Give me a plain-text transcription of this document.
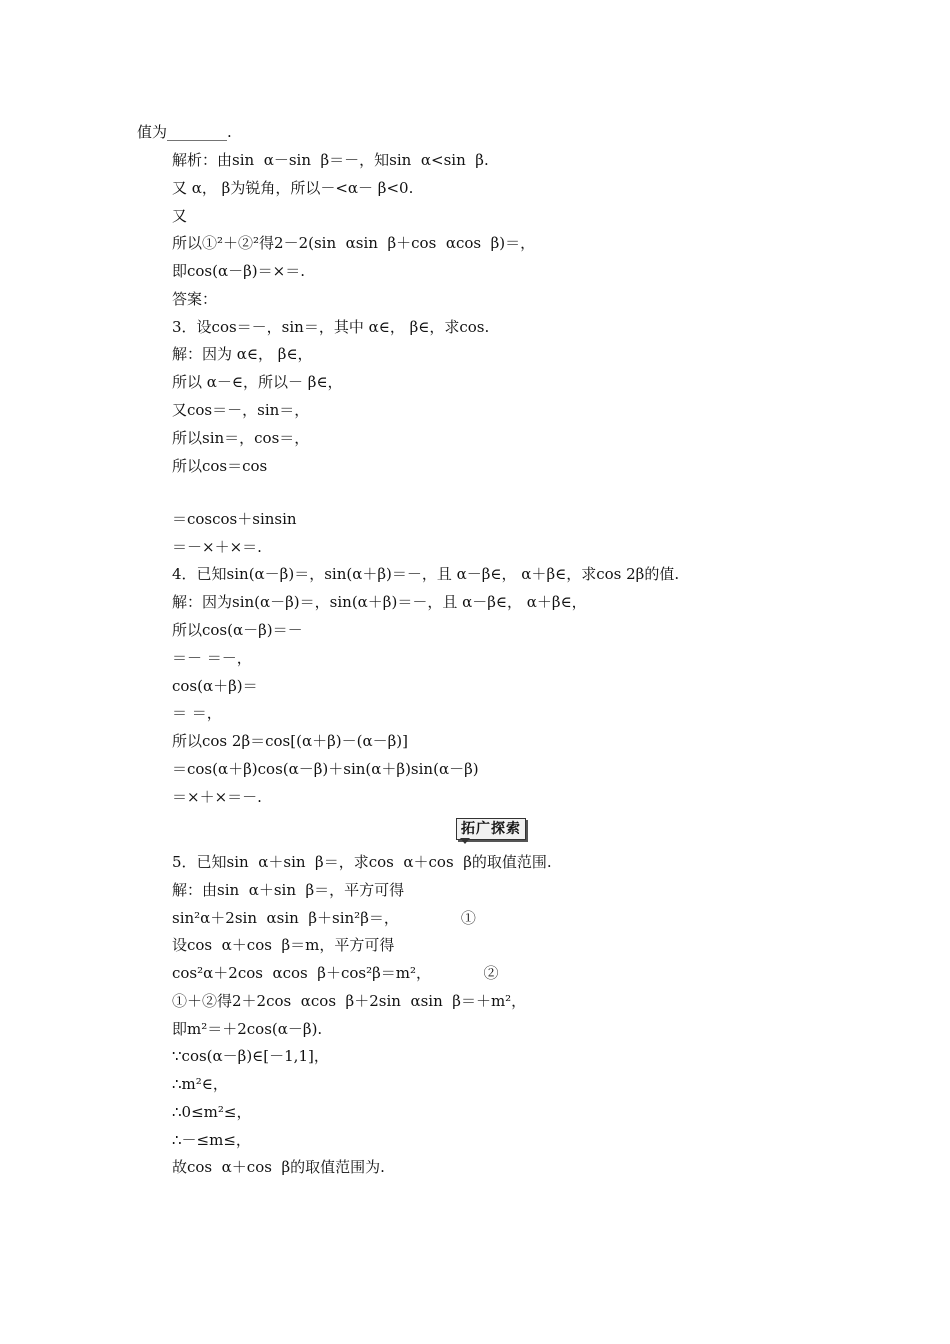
值为________.
解析：由sin  α－sin  β＝－，知sin  α<sin  β.
又 α， β为锐角，所以－<α－ β<0.
又
所以①²＋②²得2－2(sin  αsin  β＋cos  αcos  β)＝，
即cos(α－β)＝×＝.
答案：
3．设cos＝－，sin＝，其中 α∈， β∈，求cos.
解：因为 α∈， β∈，
所以 α－∈，所以－ β∈，
又cos＝－，sin＝，
所以sin＝，cos＝，
所以cos＝cos
＝coscos＋sinsin
＝－×＋×＝.
4．已知sin(α－β)＝，sin(α＋β)＝－，且 α－β∈， α＋β∈，求cos 2β的值.
解：因为sin(α－β)＝，sin(α＋β)＝－，且 α－β∈， α＋β∈，
所以cos(α－β)＝－
＝－ ＝－，
cos(α＋β)＝
＝ ＝，
所以cos 2β＝cos[(α＋β)－(α－β)]
＝cos(α＋β)cos(α－β)＋sin(α＋β)sin(α－β)
＝×＋×＝－.
拓广探索
5．已知sin  α＋sin  β＝，求cos  α＋cos  β的取值范围.
解：由sin  α＋sin  β＝，平方可得
sin²α＋2sin  αsin  β＋sin²β＝，             ①
设cos  α＋cos  β＝m，平方可得
cos²α＋2cos  αcos  β＋cos²β＝m²，           ②
①＋②得2＋2cos  αcos  β＋2sin  αsin  β＝＋m²，
即m²＝＋2cos(α－β).
∵cos(α－β)∈[－1,1]，
∴m²∈，
∴0≤m²≤，
∴－≤m≤，
故cos  α＋cos  β的取值范围为.
